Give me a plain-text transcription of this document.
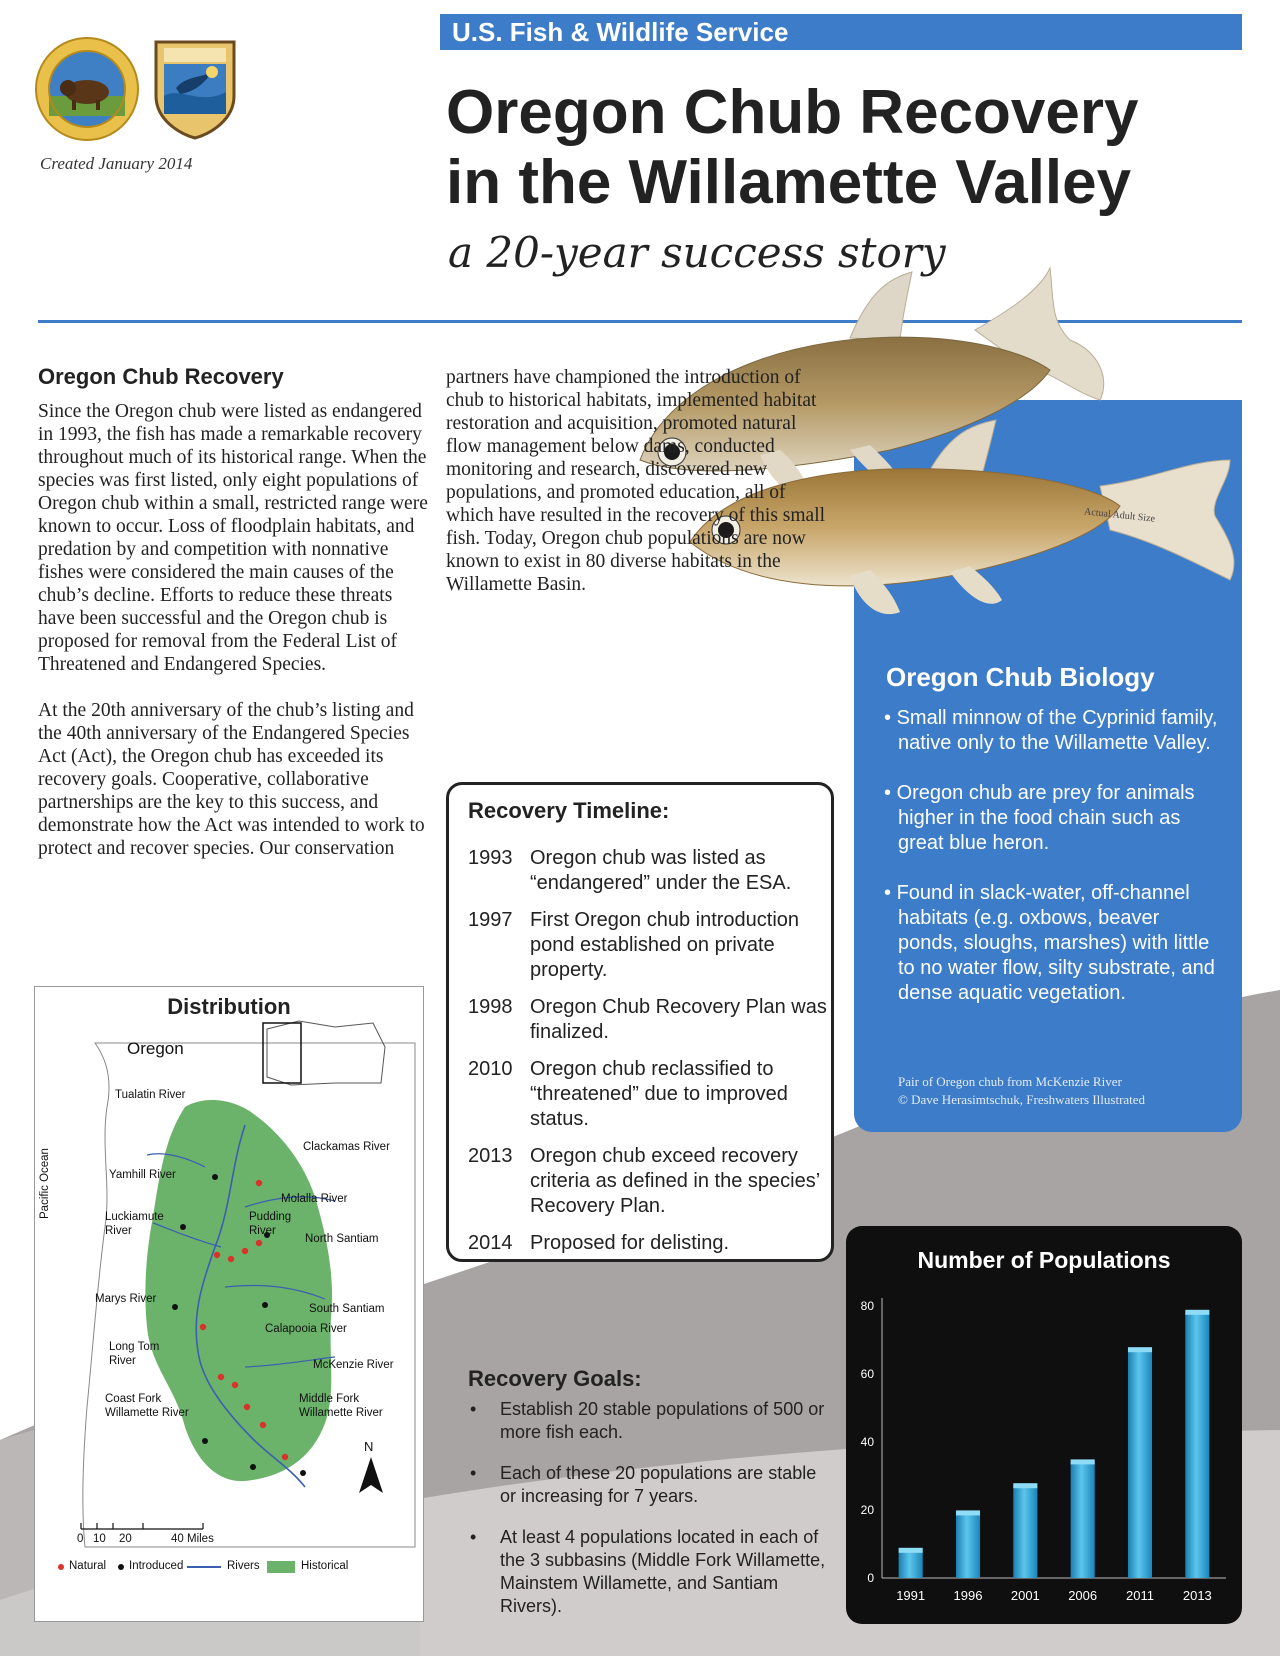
Created January 2014
U.S. Fish & Wildlife Service
Oregon Chub Recovery
in the Willamette Valley
a 20-year success story
Actual Adult Size
Oregon Chub Biology
• Small minnow of the Cyprinid family, native only to the Willamette Valley.
• Oregon chub are prey for animals higher in the food chain such as great blue heron.
• Found in slack-water, off-channel habitats (e.g. oxbows, beaver ponds, sloughs, marshes) with little to no water flow, silty substrate, and dense aquatic vegetation.
Pair of Oregon chub from McKenzie River
© Dave Herasimtschuk, Freshwaters Illustrated
Oregon Chub Recovery

Since the Oregon chub were listed as endangered in 1993, the fish has made a remarkable recovery throughout much of its historical range. When the species was first listed, only eight populations of Oregon chub within a small, restricted range were known to occur. Loss of floodplain habitats, and predation by and competition with nonnative fishes were considered the main causes of the chub’s decline. Efforts to reduce these threats have been successful and the Oregon chub is proposed for removal from the Federal List of Threatened and Endangered Species.

At the 20th anniversary of the chub’s listing and the 40th anniversary of the Endangered Species Act (Act), the Oregon chub has exceeded its recovery goals. Cooperative, collaborative partnerships are the key to this success, and demonstrate how the Act was intended to work to protect and recover species. Our conservation

partners have championed the introduction of chub to historical habitats, implemented habitat restoration and acquisition, promoted natural flow management below dams, conducted monitoring and research, discovered new populations, and promoted education, all of which have resulted in the recovery of this small fish. Today, Oregon chub populations are now known to exist in 80 diverse habitats in the Willamette Basin.
Recovery Timeline:
1993 Oregon chub was listed as “endangered” under the ESA.
1997 First Oregon chub introduction pond established on private property.
1998 Oregon Chub Recovery Plan was finalized.
2010 Oregon chub reclassified to “threatened” due to improved status.
2013 Oregon chub exceed recovery criteria as defined in the species’ Recovery Plan.
2014 Proposed for delisting.
Recovery Goals:
• Establish 20 stable populations of 500 or more fish each.
• Each of these 20 populations are stable or increasing for 7 years.
• At least 4 populations located in each of the 3 subbasins (Middle Fork Willamette, Mainstem Willamette, and Santiam Rivers).
Oregon
Pacific Ocean
Tualatin River
Clackamas River
Yamhill River
Molalla River
Luckiamute
River
Pudding
River
North Santiam
Marys River
South Santiam
Calapooia River
Long Tom
River	McKenzie River
Coast Fork
Willamette River
Middle Fork
Willamette River
N
0 10 20	40 Miles
Natural Introduced	Rivers	Historical
Distribution
Number of Populations
0
20
40
60
80
1991 1996 2001 2006 2011 2013
